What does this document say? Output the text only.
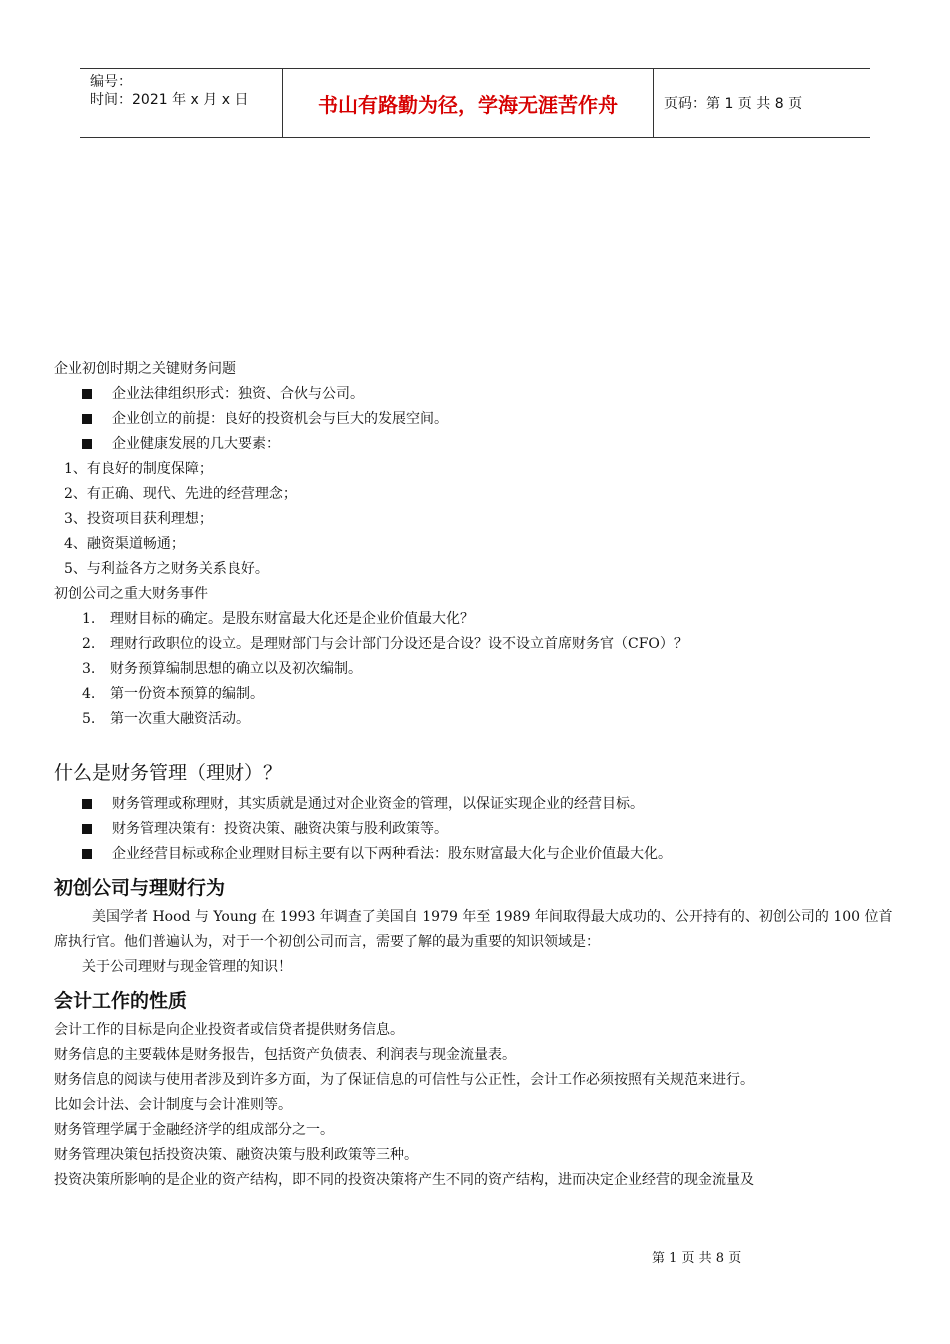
编号：
时间：2021 年 x 月 x 日	书山有路勤为径，学海无涯苦作舟	页码：第 1 页 共 8 页
企业初创时期之关键财务问题
企业法律组织形式：独资、合伙与公司。
企业创立的前提：良好的投资机会与巨大的发展空间。
企业健康发展的几大要素：
1、有良好的制度保障；
2、有正确、现代、先进的经营理念；
3、投资项目获利理想；
4、融资渠道畅通；
5、与利益各方之财务关系良好。
初创公司之重大财务事件
1. 理财目标的确定。是股东财富最大化还是企业价值最大化？
2. 理财行政职位的设立。是理财部门与会计部门分设还是合设？设不设立首席财务官（CFO）？
3. 财务预算编制思想的确立以及初次编制。
4. 第一份资本预算的编制。
5. 第一次重大融资活动。
什么是财务管理（理财）？
财务管理或称理财，其实质就是通过对企业资金的管理，以保证实现企业的经营目标。
财务管理决策有：投资决策、融资决策与股利政策等。
企业经营目标或称企业理财目标主要有以下两种看法：股东财富最大化与企业价值最大化。
初创公司与理财行为
美国学者 Hood 与 Young 在 1993 年调查了美国自 1979 年至 1989 年间取得最大成功的、公开持有的、初创公司的 100 位首席执行官。他们普遍认为，对于一个初创公司而言，需要了解的最为重要的知识领域是：
关于公司理财与现金管理的知识！
会计工作的性质
会计工作的目标是向企业投资者或信贷者提供财务信息。
财务信息的主要载体是财务报告，包括资产负债表、利润表与现金流量表。
财务信息的阅读与使用者涉及到许多方面，为了保证信息的可信性与公正性，会计工作必须按照有关规范来进行。
比如会计法、会计制度与会计准则等。
财务管理学属于金融经济学的组成部分之一。
财务管理决策包括投资决策、融资决策与股利政策等三种。
投资决策所影响的是企业的资产结构，即不同的投资决策将产生不同的资产结构，进而决定企业经营的现金流量及
第 1 页 共 8 页
